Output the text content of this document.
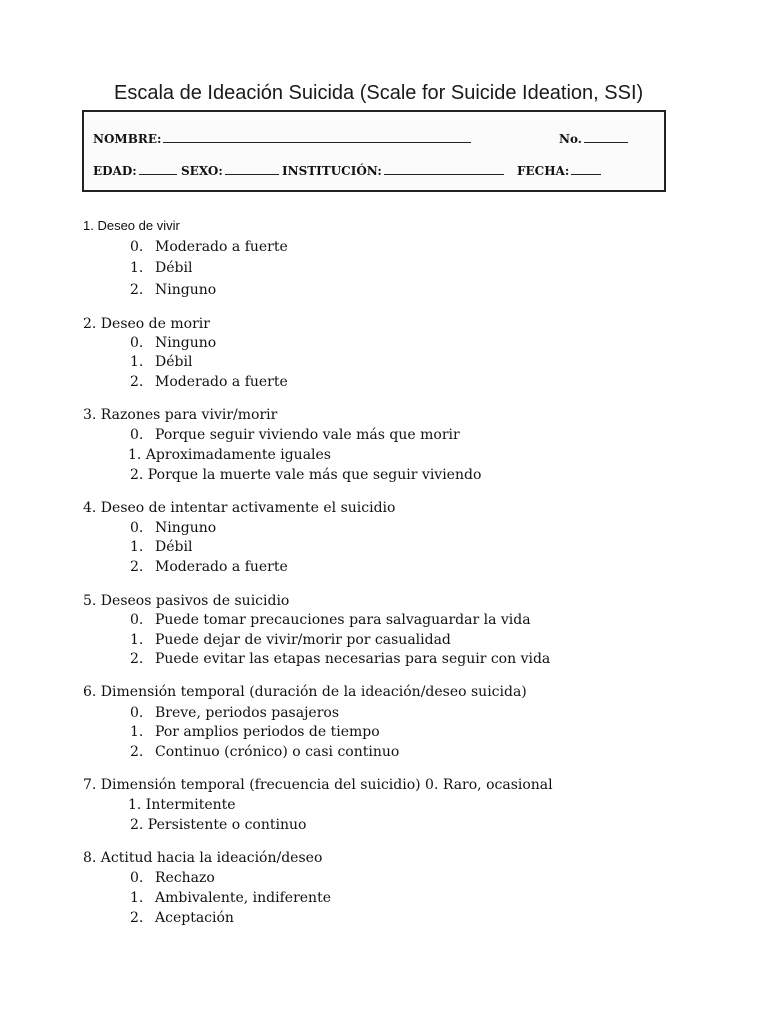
Escala de Ideación Suicida (Scale for Suicide Ideation, SSI)
NOMBRE:	No.
EDAD:	SEXO:	INSTITUCIÓN:	FECHA:
1. Deseo de vivir
0. Moderado a fuerte
1. Débil
2. Ninguno
2. Deseo de morir
0. Ninguno
1. Débil
2. Moderado a fuerte
3. Razones para vivir/morir
0. Porque seguir viviendo vale más que morir
1. Aproximadamente iguales
2. Porque la muerte vale más que seguir viviendo
4. Deseo de intentar activamente el suicidio
0. Ninguno
1. Débil
2. Moderado a fuerte
5. Deseos pasivos de suicidio
0. Puede tomar precauciones para salvaguardar la vida
1. Puede dejar de vivir/morir por casualidad
2. Puede evitar las etapas necesarias para seguir con vida
6. Dimensión temporal (duración de la ideación/deseo suicida)
0. Breve, periodos pasajeros
1. Por amplios periodos de tiempo
2. Continuo (crónico) o casi continuo
7. Dimensión temporal (frecuencia del suicidio) 0. Raro, ocasional
1. Intermitente
2. Persistente o continuo
8. Actitud hacia la ideación/deseo
0. Rechazo
1. Ambivalente, indiferente
2. Aceptación
